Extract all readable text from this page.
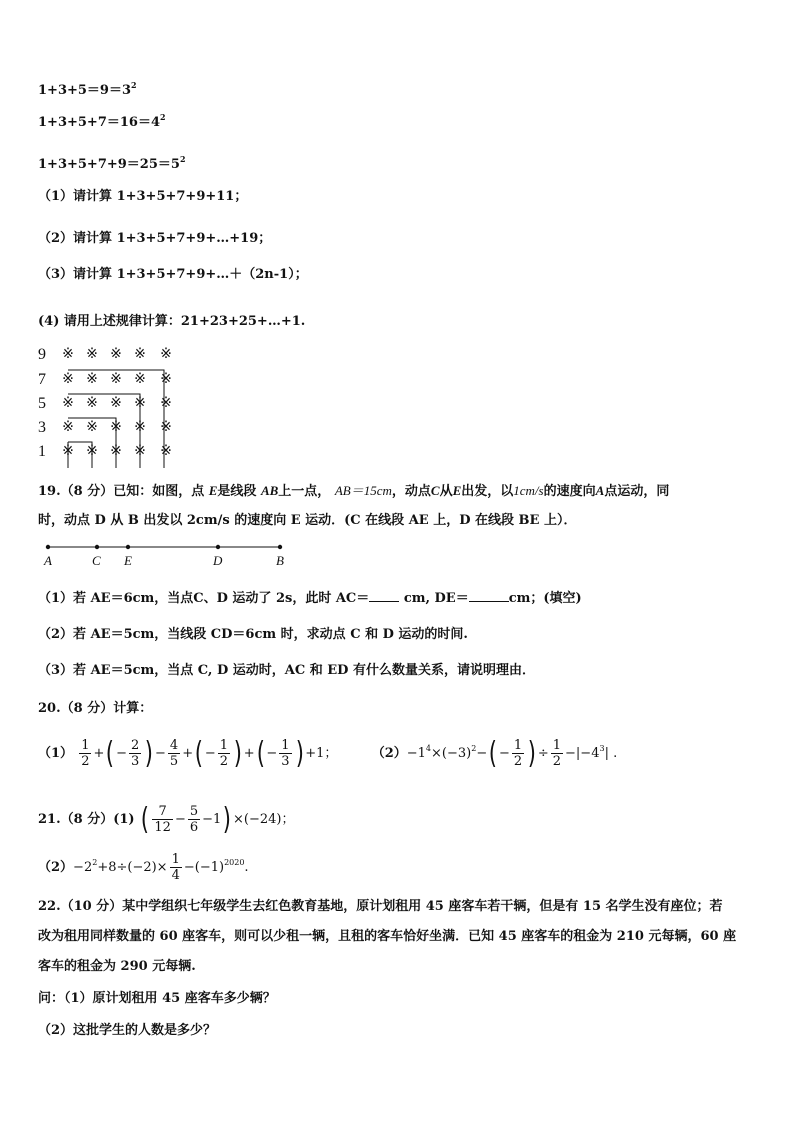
$1+3+5=9=3^2$
$1+3+5+7=16=4^2$
$1+3+5+7+9=25=5^2$
（1）请计算 1+3+5+7+9+11；
（2）请计算 1+3+5+7+9+…+19；
（3）请计算 1+3+5+7+9+…＋（2n-1）；
(4) 请用上述规律计算：21+23+25+…+1.
9
7
5
3
1
※ ※ ※ ※	※
※ ※ ※ ※	※
※ ※ ※ ※	※
※ ※ ※ ※	※
※ ※ ※ ※	※
19.（8 分）已知：如图，点 E是线段 AB上一点， AB＝15cm，动点C从E出发，以1cm/s的速度向A点运动，同
时，动点 D 从 B 出发以 2cm/s 的速度向 E 运动．(C 在线段 AE 上，D 在线段 BE 上）．
A	C E	D	B
（1）若 AE＝6cm，当点C、D 运动了 2s，此时 AC＝	cm, DE＝	cm；(填空)
（2）若 AE＝5cm，当线段 CD＝6cm 时，求动点 C 和 D 运动的时间.
（3）若 AE＝5cm，当点 C, D 运动时，AC 和 ED 有什么数量关系，请说明理由．
20.（8 分）计算：
$(1) \frac{1}{2}$ +( − $\frac{2}{3}$ ) − $\frac{4}{5}$ +( − $\frac{1}{2}$ ) +( − $\frac{1}{3}$ ) +1；	$(2)-1^4\times(-3)^2-( - \frac{1}{2}$ ) ÷ $\frac{1}{2} -|-4^3|$ .
21.（8 分）(1) ( $\frac{7}{12} - \frac{5}{6} -1) \times(-24)$；
$(2)-2^2+8\div(-2)\times \frac{1}{4} -(-1)^{2020}$.
22.（10 分）某中学组织七年级学生去红色教育基地，原计划租用 45 座客车若干辆，但是有 15 名学生没有座位；若
改为租用同样数量的 60 座客车，则可以少租一辆，且租的客车恰好坐满．已知 45 座客车的租金为 210 元每辆，60 座
客车的租金为 290 元每辆.
问：（1）原计划租用 45 座客车多少辆？
（2）这批学生的人数是多少？
